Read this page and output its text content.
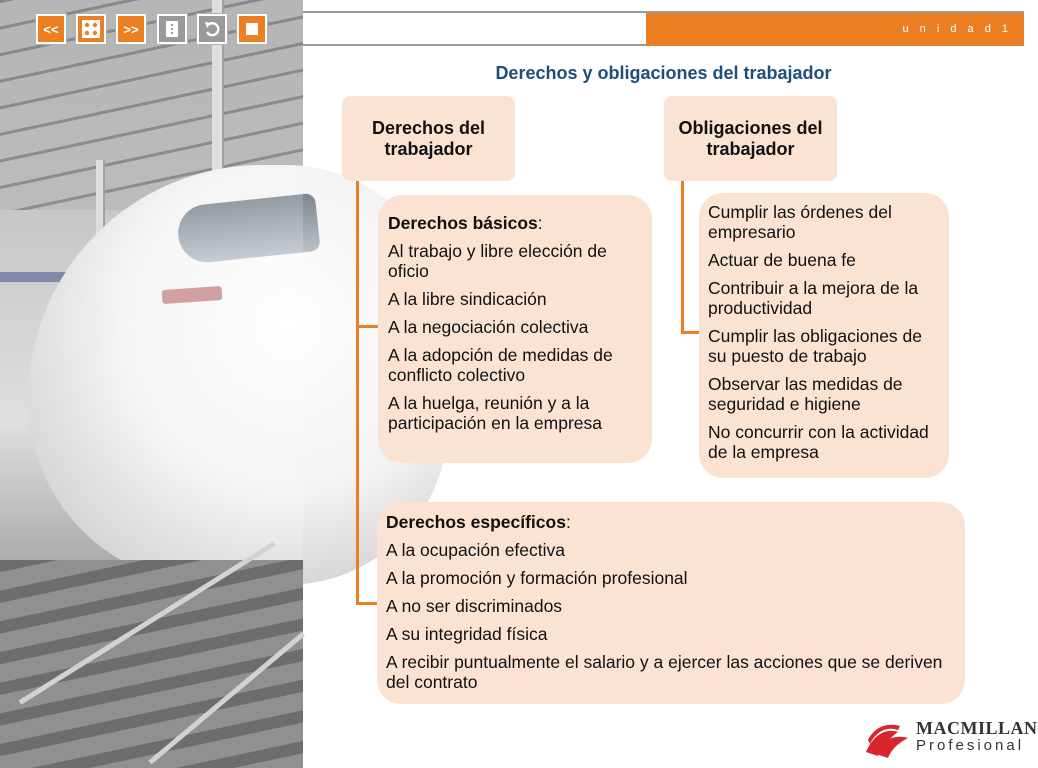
<<	>>	u n i d a d 1
Derechos y obligaciones del trabajador
Derechos del trabajador
Obligaciones del trabajador
Derechos básicos:
Al trabajo y libre elección de oficio
A la libre sindicación
A la negociación colectiva
A la adopción de medidas de conflicto colectivo
A la huelga, reunión y a la participación en la empresa
Cumplir las órdenes del empresario
Actuar de buena fe
Contribuir a la mejora de la productividad
Cumplir las obligaciones de su puesto de trabajo
Observar las medidas de seguridad e higiene
No concurrir con la actividad de la empresa
Derechos específicos:
A la ocupación efectiva
A la promoción y formación profesional
A no ser discriminados
A su integridad física
A recibir puntualmente el salario y a ejercer las acciones que se deriven del contrato
MACMILLAN
Profesional
